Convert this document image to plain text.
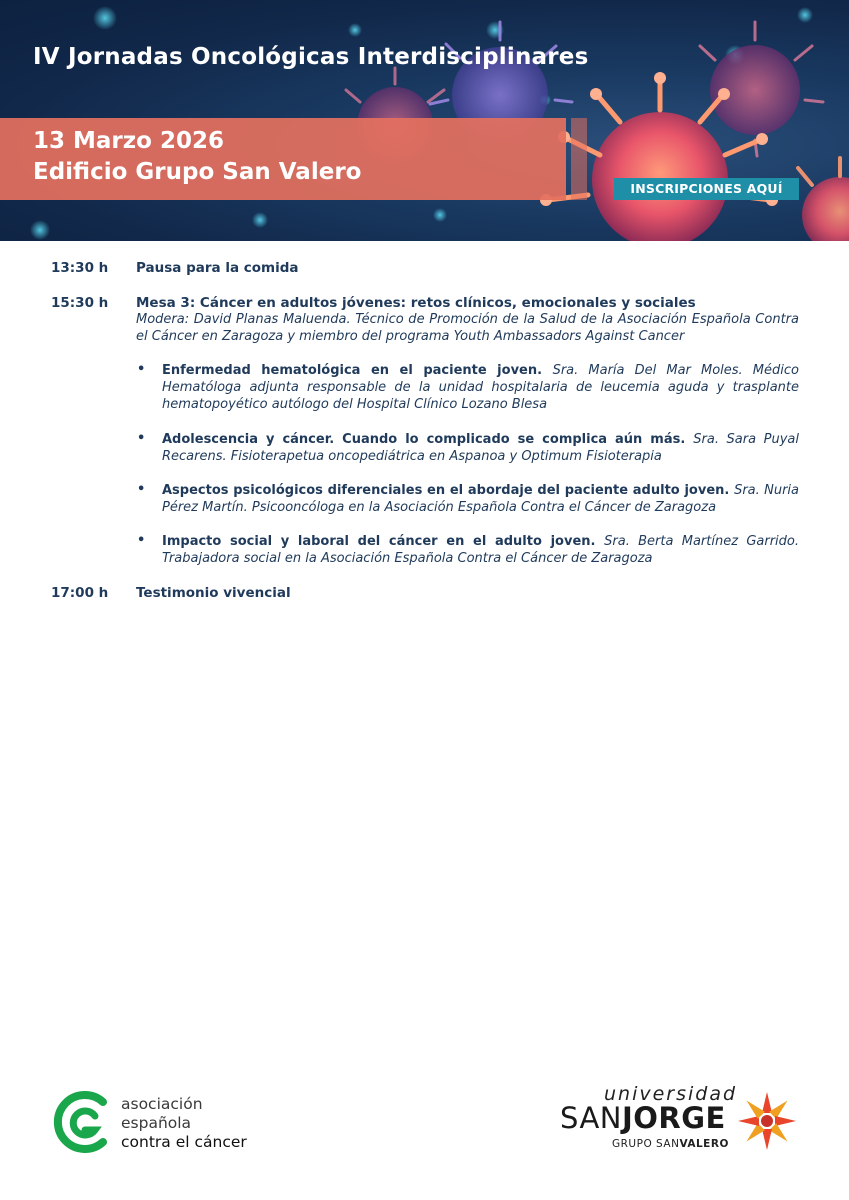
IV Jornadas Oncológicas Interdisciplinares
13 Marzo 2026
Edificio Grupo San Valero
INSCRIPCIONES AQUÍ
13:30 h Pausa para la comida
15:30 h Mesa 3: Cáncer en adultos jóvenes: retos clínicos, emocionales y sociales
Modera: David Planas Maluenda. Técnico de Promoción de la Salud de la Asociación Española Contra el Cáncer en Zaragoza y miembro del programa Youth Ambassadors Against Cancer
• Enfermedad hematológica en el paciente joven. Sra. María Del Mar Moles. Médico Hematóloga adjunta responsable de la unidad hospitalaria de leucemia aguda y trasplante hematopoyético autólogo del Hospital Clínico Lozano Blesa
• Adolescencia y cáncer. Cuando lo complicado se complica aún más. Sra. Sara Puyal Recarens. Fisioterapetua oncopediátrica en Aspanoa y Optimum Fisioterapia
• Aspectos psicológicos diferenciales en el abordaje del paciente adulto joven. Sra. Nuria Pérez Martín. Psicooncóloga en la Asociación Española Contra el Cáncer de Zaragoza
• Impacto social y laboral del cáncer en el adulto joven. Sra. Berta Martínez Garrido. Trabajadora social en la Asociación Española Contra el Cáncer de Zaragoza
17:00 h Testimonio vivencial
asociación
española
contra el cáncer
universidad
SANJORGE
GRUPO SANVALERO
